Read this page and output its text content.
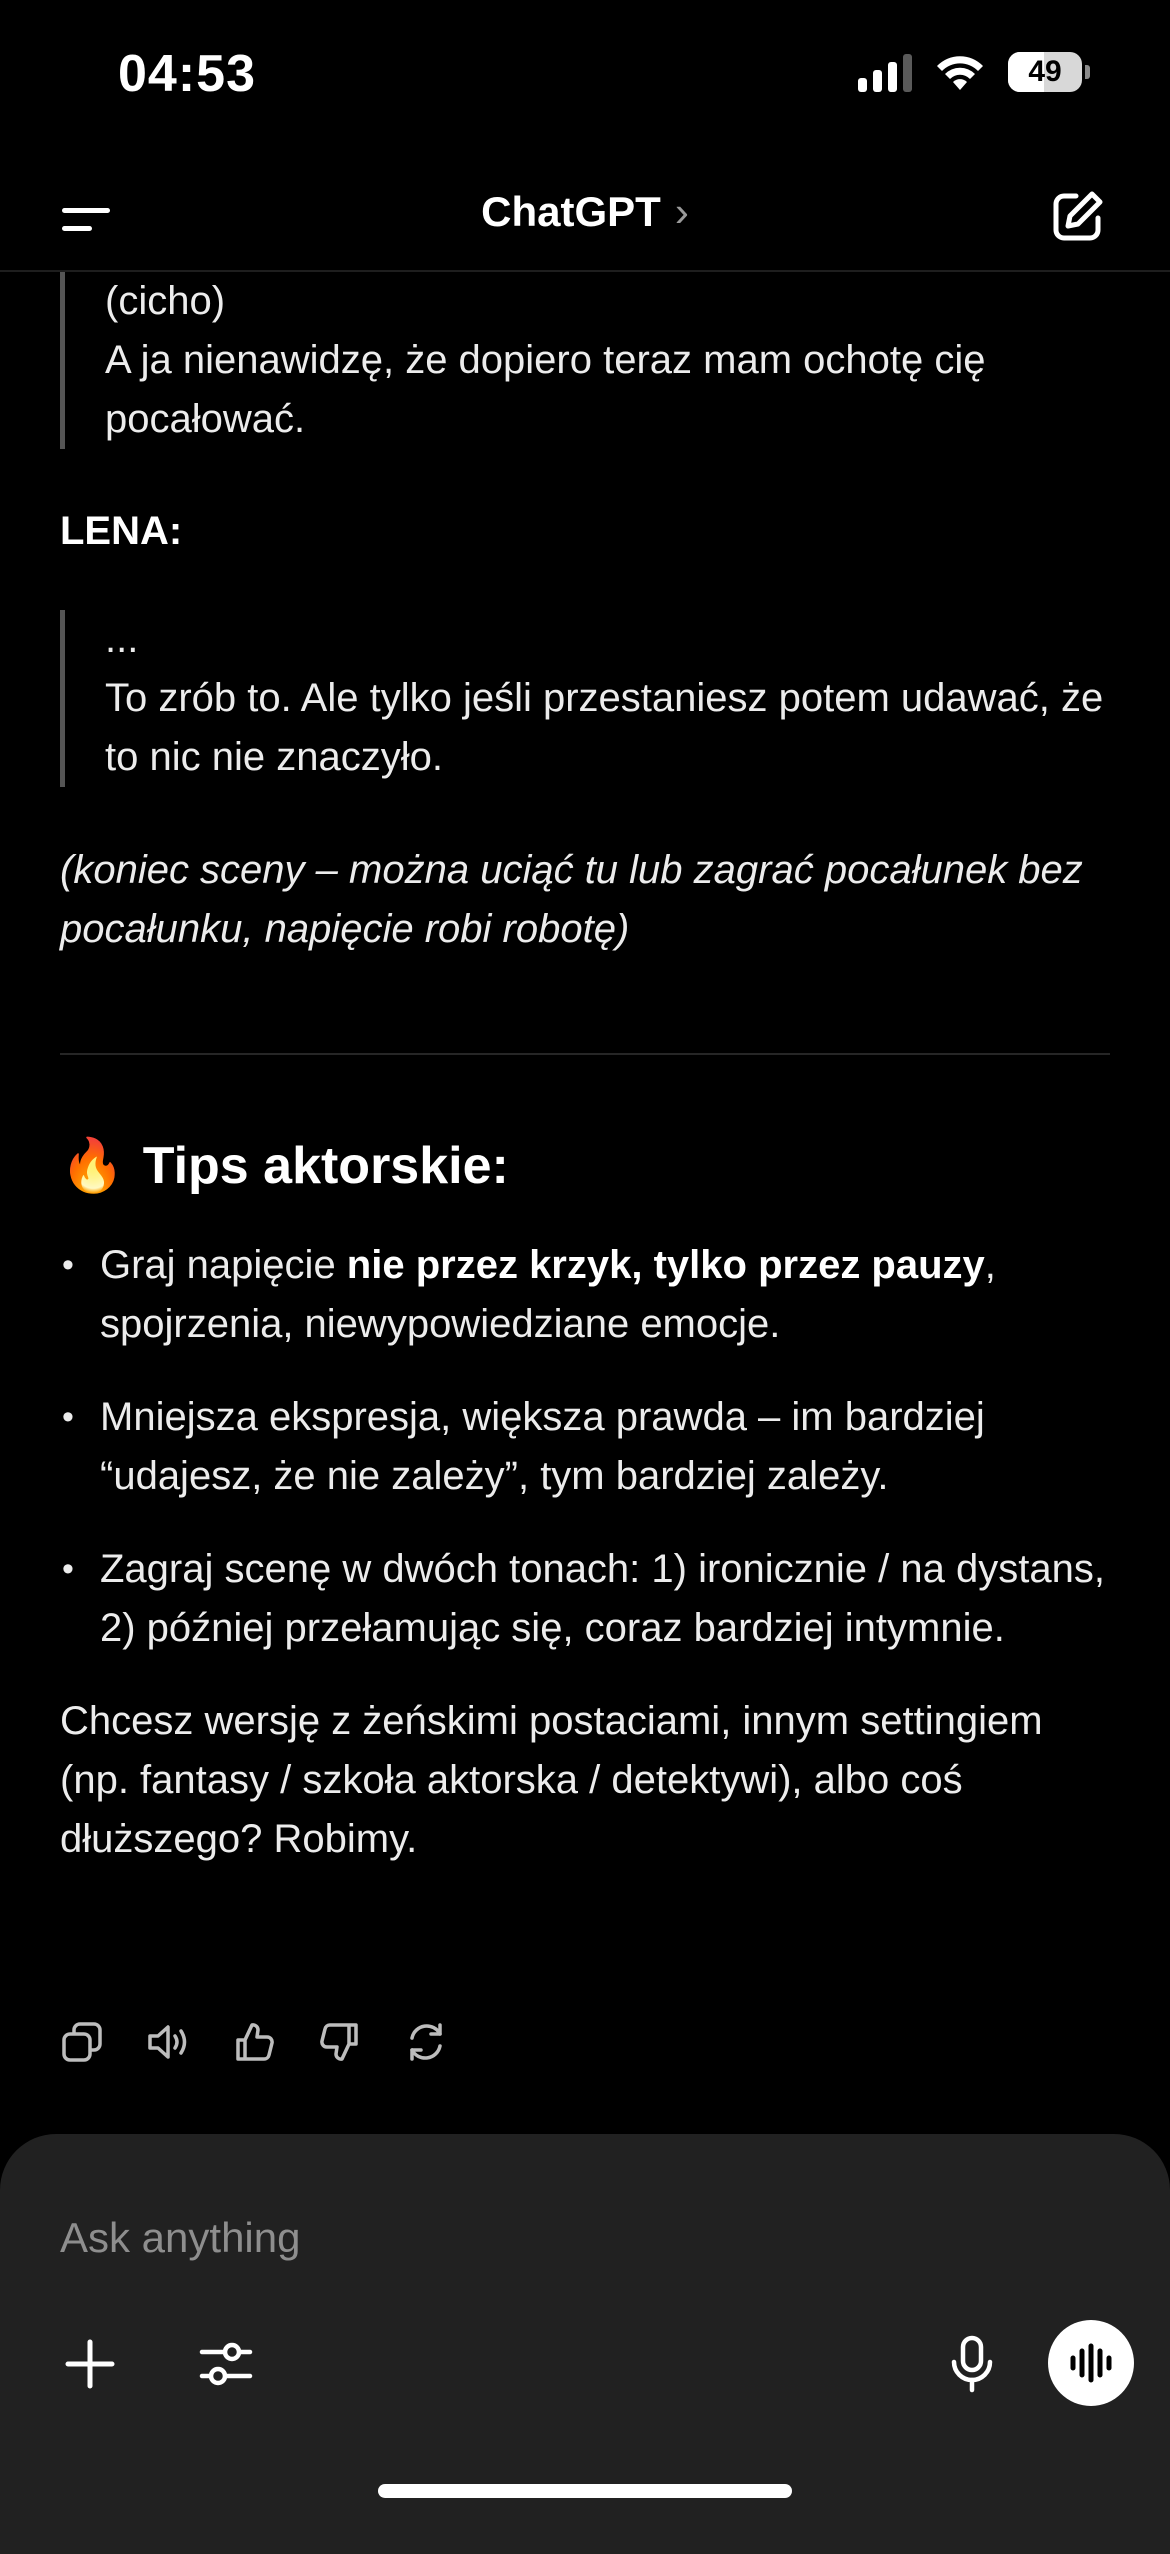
04:53	49
ChatGPT ›
(cicho)
A ja nienawidzę, że dopiero teraz mam ochotę cię pocałować.
LENA:
...
To zrób to. Ale tylko jeśli przestaniesz potem udawać, że to nic nie znaczyło.
(koniec sceny – można uciąć tu lub zagrać pocałunek bez pocałunku, napięcie robi robotę)
🔥 Tips aktorskie:
• Graj napięcie nie przez krzyk, tylko przez pauzy, spojrzenia, niewypowiedziane emocje.
• Mniejsza ekspresja, większa prawda – im bardziej “udajesz, że nie zależy”, tym bardziej zależy.
• Zagraj scenę w dwóch tonach: 1) ironicznie / na dystans, 2) później przełamując się, coraz bardziej intymnie.
Chcesz wersję z żeńskimi postaciami, innym settingiem (np. fantasy / szkoła aktorska / detektywi), albo coś dłuższego? Robimy.
Ask anything
